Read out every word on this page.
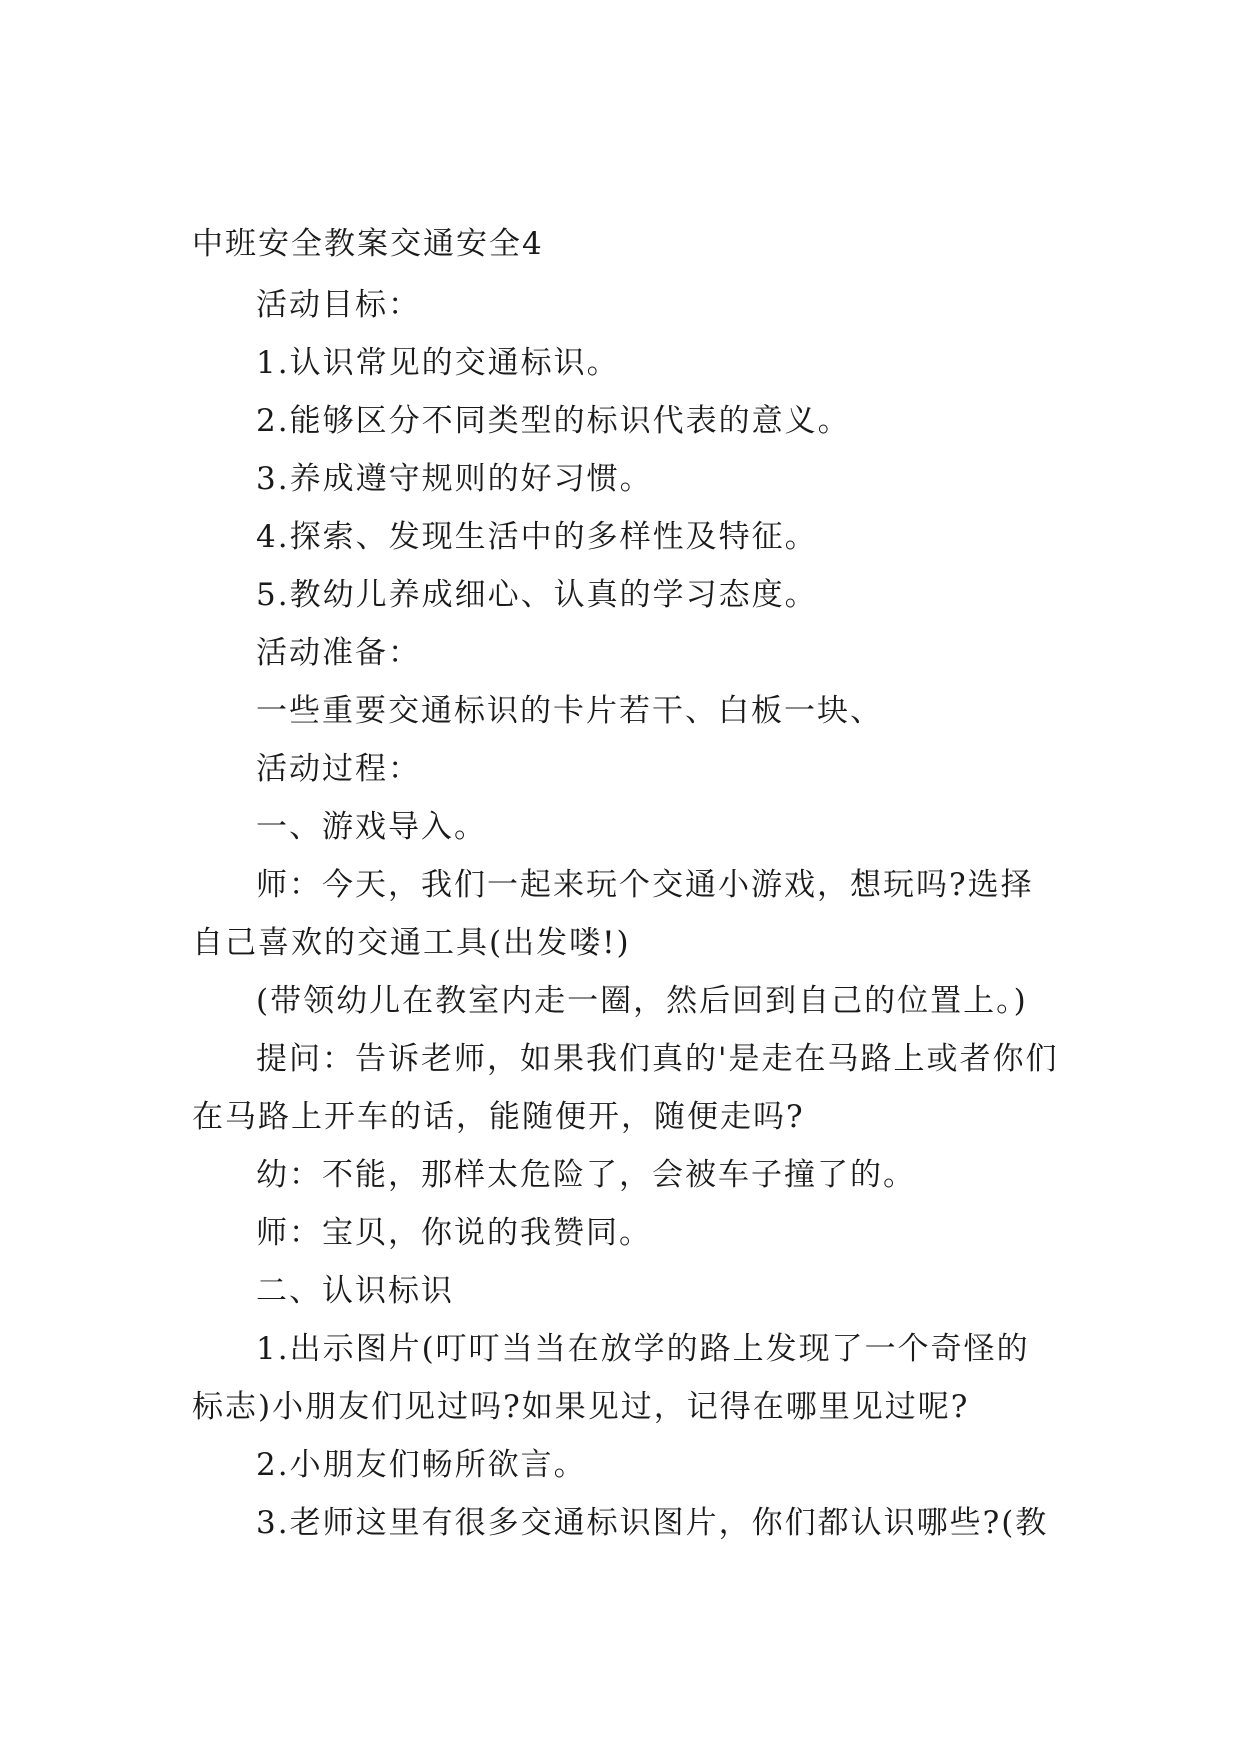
中班安全教案交通安全4

活动目标：

1.认识常见的交通标识。

2.能够区分不同类型的标识代表的意义。

3.养成遵守规则的好习惯。

4.探索、发现生活中的多样性及特征。

5.教幼儿养成细心、认真的学习态度。

活动准备：

一些重要交通标识的卡片若干、白板一块、

活动过程：

一、游戏导入。

师：今天，我们一起来玩个交通小游戏，想玩吗?选择自己喜欢的交通工具(出发喽!)

(带领幼儿在教室内走一圈，然后回到自己的位置上。)

提问：告诉老师，如果我们真的'是走在马路上或者你们在马路上开车的话，能随便开，随便走吗?

幼：不能，那样太危险了，会被车子撞了的。

师：宝贝，你说的我赞同。

二、认识标识

1.出示图片(叮叮当当在放学的路上发现了一个奇怪的标志)小朋友们见过吗?如果见过，记得在哪里见过呢?

2.小朋友们畅所欲言。

3.老师这里有很多交通标识图片，你们都认识哪些?(教
